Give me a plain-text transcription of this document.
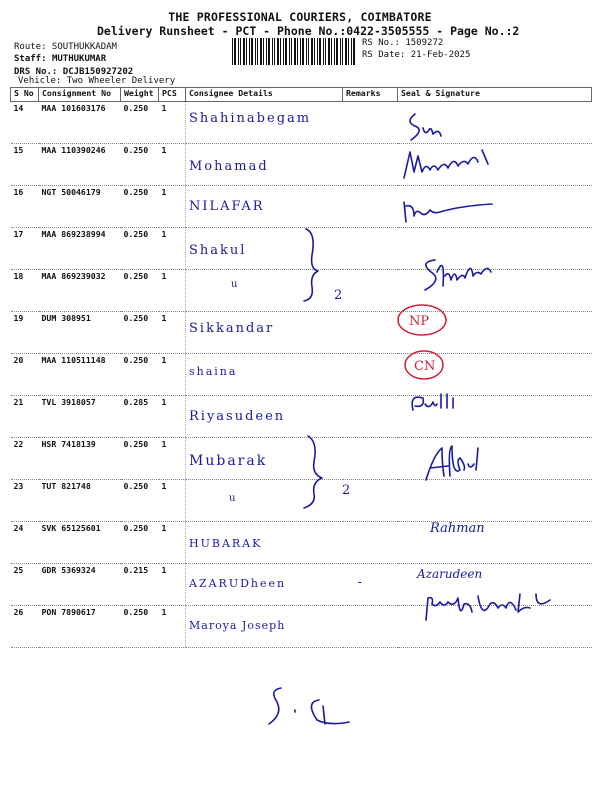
THE PROFESSIONAL COURIERS, COIMBATORE
Delivery Runsheet - PCT - Phone No.:0422-3505555 - Page No.:2
Route: SOUTHUKKADAM
Staff: MUTHUKUMAR
DRS No.: DCJB150927202
Vehicle: Two Wheeler Delivery
RS No.: 1509272
RS Date: 21-Feb-2025
S No	Consignment No	Weight	PCS	Consignee Details	Remarks	Seal & Signature
14	MAA 101603176	0.250	1	Shahinabegam		
15	MAA 110390246	0.250	1	Mohamad		
16	NGT 50046179	0.250	1	NILAFAR		
17	MAA 869238994	0.250	1	Shakul		
18	MAA 869239032	0.250	1	u		
19	DUM 308951	0.250	1	Sikkandar		
20	MAA 110511148	0.250	1	shaina		
21	TVL 3918057	0.285	1	Riyasudeen		
22	HSR 7418139	0.250	1	Mubarak		
23	TUT 821748	0.250	1	u		
24	SVK 65125601	0.250	1	HUBARAK		
25	GDR 5369324	0.215	1	AZARUDheen	-	
26	PON 7890617	0.250	1	Maroya Joseph		
2
2
NP
CN
Rahman
Azarudeen
